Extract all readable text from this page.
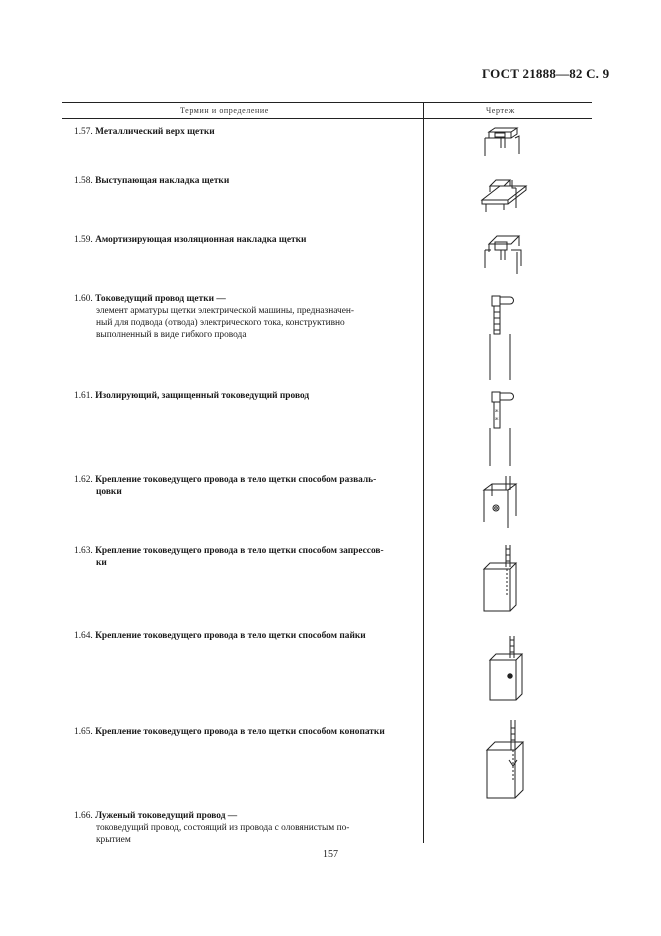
ГОСТ 21888—82 С. 9
Термин и определение	Чертеж
1.57. Металлический верх щетки
1.58. Выступающая накладка щетки
1.59. Амортизирующая изоляционная накладка щетки
1.60. Токоведущий провод щетки —
элемент арматуры щетки электрической машины, предназначен-
ный для подвода (отвода) электрического тока, конструктивно
выполненный в виде гибкого провода
1.61. Изолирующий, защищенный токоведущий провод
1.62. Крепление токоведущего провода в тело щетки способом разваль-
цовки
1.63. Крепление токоведущего провода в тело щетки способом запрессов-
ки
1.64. Крепление токоведущего провода в тело щетки способом пайки
1.65. Крепление токоведущего провода в тело щетки способом конопатки
1.66. Луженый токоведущий провод —
токоведущий провод, состоящий из провода с оловянистым по-
крытием
ж
ж
157
